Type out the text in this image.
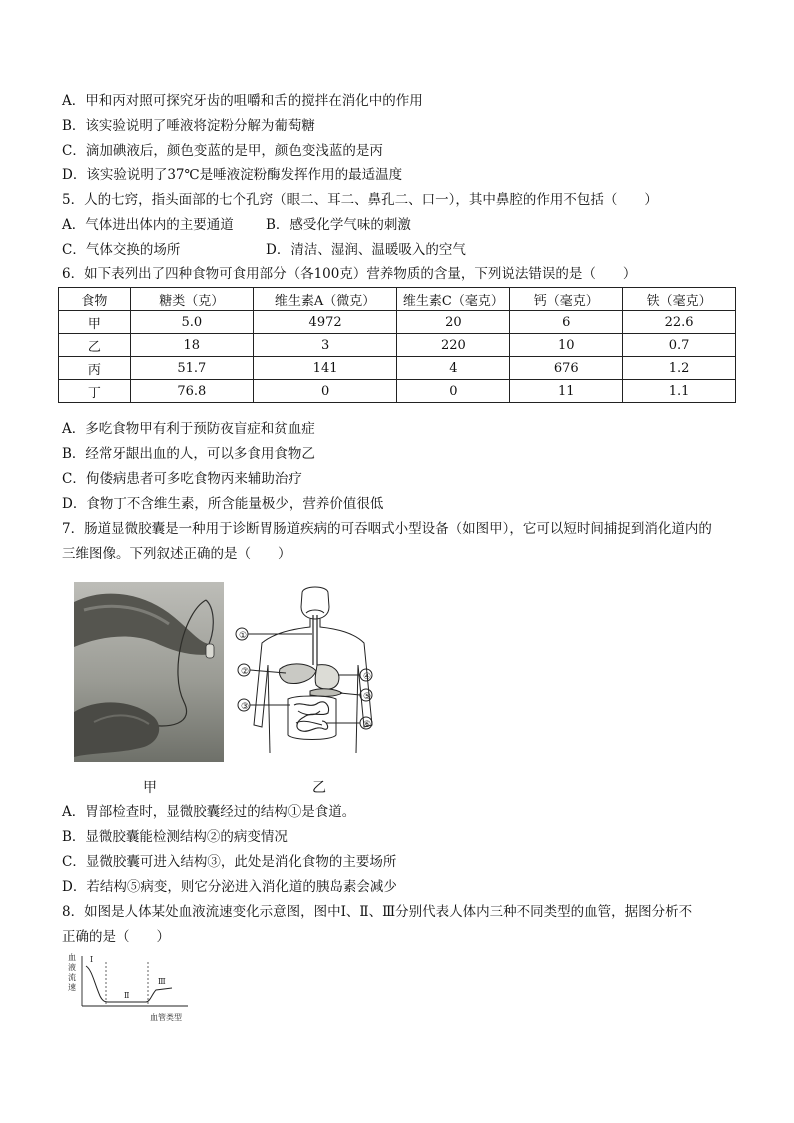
A．甲和丙对照可探究牙齿的咀嚼和舌的搅拌在消化中的作用
B．该实验说明了唾液将淀粉分解为葡萄糖
C．滴加碘液后，颜色变蓝的是甲，颜色变浅蓝的是丙
D．该实验说明了37℃是唾液淀粉酶发挥作用的最适温度
5．人的七窍，指头面部的七个孔窍（眼二、耳二、鼻孔二、口一），其中鼻腔的作用不包括（　　）
A．气体进出体内的主要通道 B．感受化学气味的刺激
C．气体交换的场所	D．清洁、湿润、温暖吸入的空气
6．如下表列出了四种食物可食用部分（各100克）营养物质的含量，下列说法错误的是（　　）
食物	糖类（克）	维生素A（微克）	维生素C（毫克）	钙（毫克）	铁（毫克）
甲	5.0	4972	20	6	22.6
乙	18	3	220	10	0.7
丙	51.7	141	4	676	1.2
丁	76.8	0	0	11	1.1
A．多吃食物甲有利于预防夜盲症和贫血症
B．经常牙龈出血的人，可以多食用食物乙
C．佝偻病患者可多吃食物丙来辅助治疗
D．食物丁不含维生素，所含能量极少，营养价值很低
7．肠道显微胶囊是一种用于诊断胃肠道疾病的可吞咽式小型设备（如图甲），它可以短时间捕捉到消化道内的
三维图像。下列叙述正确的是（　　）
甲
①
②
③
④
⑤
⑥
乙
A．胃部检查时，显微胶囊经过的结构①是食道。
B．显微胶囊能检测结构②的病变情况
C．显微胶囊可进入结构③，此处是消化食物的主要场所
D．若结构⑤病变，则它分泌进入消化道的胰岛素会减少
8．如图是人体某处血液流速变化示意图，图中Ⅰ、Ⅱ、Ⅲ分别代表人体内三种不同类型的血管，据图分析不
正确的是（　　）
血
液
流
速
Ⅰ
Ⅱ
Ⅲ
血管类型
